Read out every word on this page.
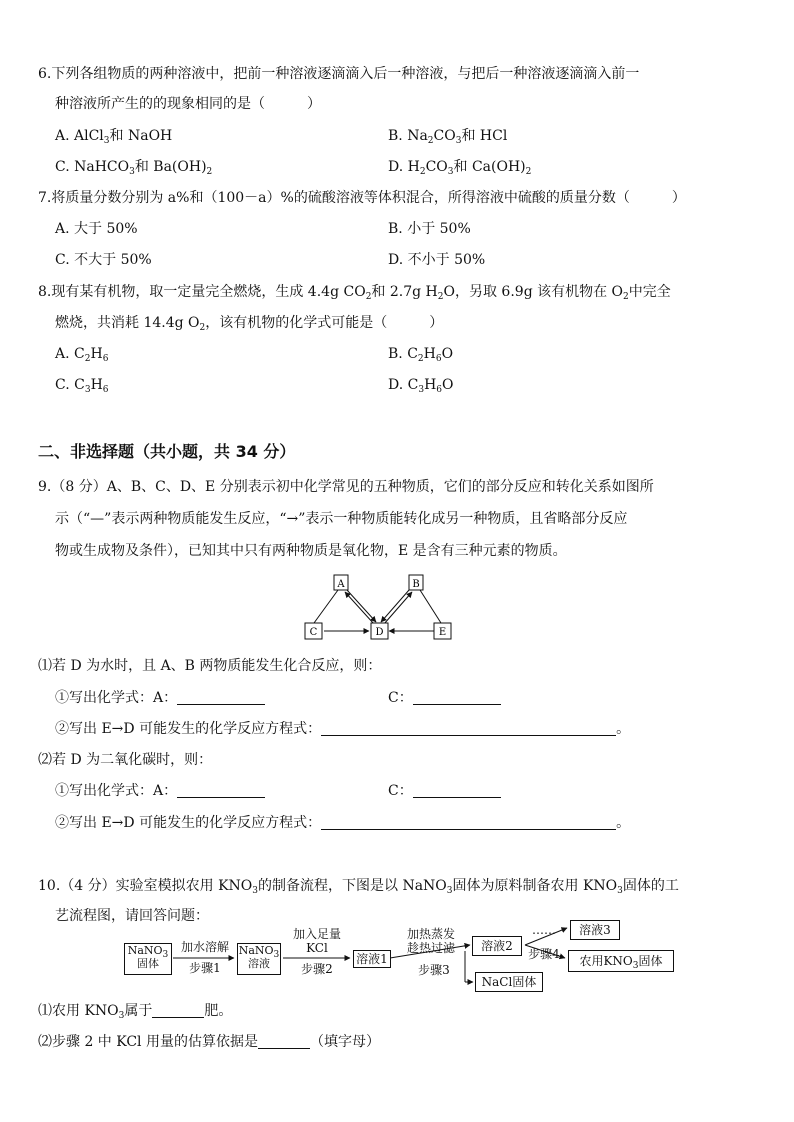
6.下列各组物质的两种溶液中，把前一种溶液逐滴滴入后一种溶液，与把后一种溶液逐滴滴入前一
种溶液所产生的的现象相同的是（　　　）
A. AlCl$_3$和 NaOH	B. $Na_2CO_3$和 HCl
C. NaHCO$_3$和 $Ba(OH)_2$	D. $H_2CO_3$和 $Ca(OH)_2$
7.将质量分数分别为 a%和（100－a）%的硫酸溶液等体积混合，所得溶液中硫酸的质量分数（　　　）
A. 大于 50%	B. 小于 50%
C. 不大于 50%	D. 不小于 50%
8.现有某有机物，取一定量完全燃烧，生成 4.4g $CO_2$和 2.7g $H_2O$，另取 6.9g 该有机物在 $O_2$中完全
燃烧，共消耗 14.4g $O_2$，该有机物的化学式可能是（　　　）
A. $C_2H_6$	B. $C_2H_6O$
C. $C_3H_6$	D. $C_3H_6O$
二、非选择题（共小题，共 34 分）
9.（8 分）A、B、C、D、E 分别表示初中化学常见的五种物质，它们的部分反应和转化关系如图所
示（“—”表示两种物质能发生反应，“→”表示一种物质能转化成另一种物质，且省略部分反应
物或生成物及条件），已知其中只有两种物质是氧化物，E 是含有三种元素的物质。
A	B
C	D	E
⑴若 D 为水时，且 A、B 两物质能发生化合反应，则：
①写出化学式：A：	C：
②写出 E→D 可能发生的化学反应方程式：	。
⑵若 D 为二氧化碳时，则：
①写出化学式：A：	C：
②写出 E→D 可能发生的化学反应方程式：	。
10.（4 分）实验室模拟农用 $KNO_3$的制备流程，下图是以 NaNO$_3$固体为原料制备农用 $KNO_3$固体的工
艺流程图，请回答问题：
NaNO$_3$
固体
加水溶解
步骤1
NaNO$_3$
溶液
加入足量
KCl
步骤2
溶液1
加热蒸发
趁热过滤
步骤3
溶液2
NaCl固体
……
步骤4
溶液3
农用$KNO_3$固体
⑴农用 $KNO_3$属于	肥。
⑵步骤 2 中 KCl 用量的估算依据是	（填字母）
